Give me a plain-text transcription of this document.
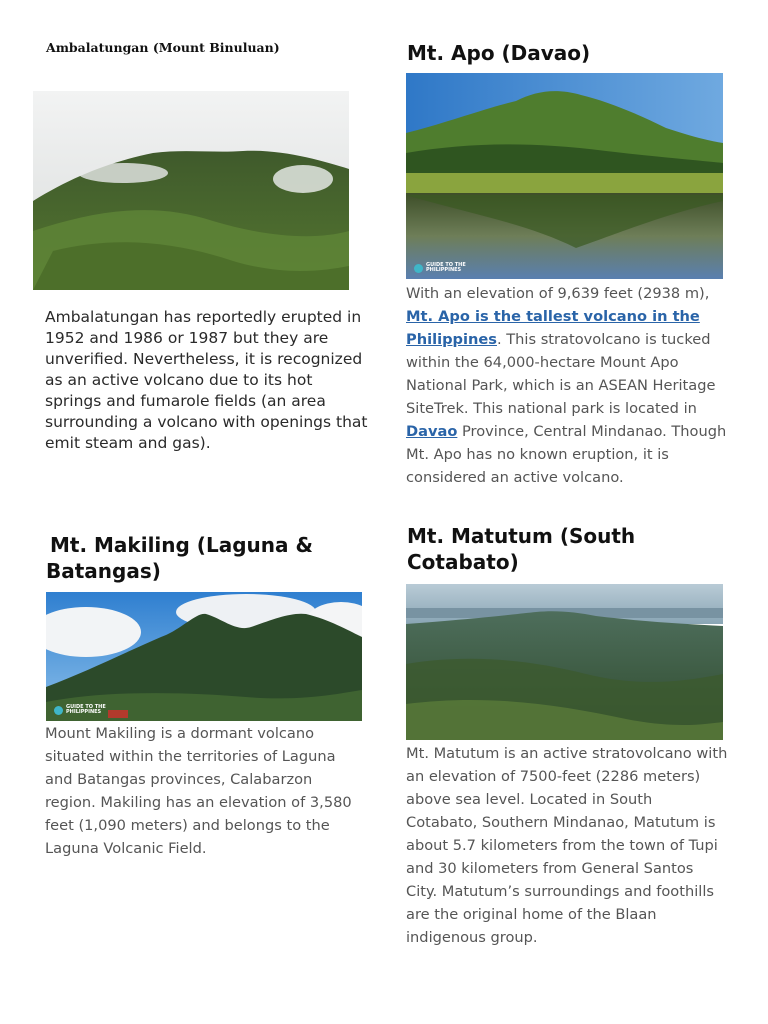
Ambalatungan (Mount Binuluan)
Ambalatungan has reportedly erupted in 1952 and 1986 or 1987 but they are unverified. Nevertheless, it is recognized as an active volcano due to its hot springs and fumarole fields (an area surrounding a volcano with openings that emit steam and gas).
Mt. Apo (Davao)
GUIDE TO THE
PHILIPPINES
With an elevation of 9,639 feet (2938 m), Mt. Apo is the tallest volcano in the Philippines. This stratovolcano is tucked within the 64,000-hectare Mount Apo National Park, which is an ASEAN Heritage SiteTrek. This national park is located in Davao Province, Central Mindanao. Though Mt. Apo has no known eruption, it is considered an active volcano.
Mt. Makiling (Laguna & Batangas)
GUIDE TO THE
PHILIPPINES
Mount Makiling is a dormant volcano situated within the territories of Laguna and Batangas provinces, Calabarzon region. Makiling has an elevation of 3,580 feet (1,090 meters) and belongs to the Laguna Volcanic Field.
Mt. Matutum (South Cotabato)
Mt. Matutum is an active stratovolcano with an elevation of 7500-feet (2286 meters) above sea level. Located in South Cotabato, Southern Mindanao, Matutum is about 5.7 kilometers from the town of Tupi and 30 kilometers from General Santos City. Matutum’s surroundings and foothills are the original home of the Blaan indigenous group.
